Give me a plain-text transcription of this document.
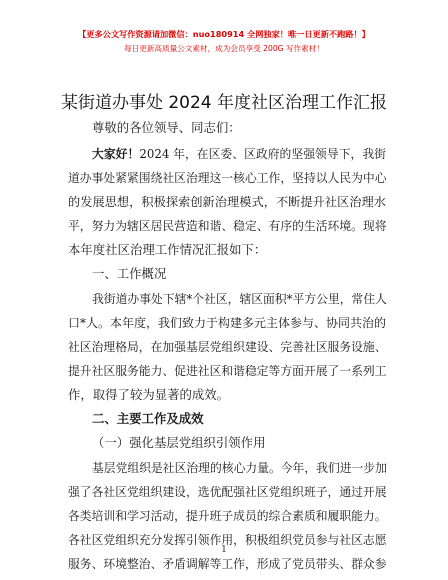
【更多公文写作资源请加微信：nuo180914 全网独家！唯一日更新不跑路！】
每日更新高质量公文素材，成为会员享受 200G 写作素材！
某街道办事处 2024 年度社区治理工作汇报
尊敬的各位领导、同志们：
大家好！2024 年，在区委、区政府的坚强领导下，我街
道办事处紧紧围绕社区治理这一核心工作，坚持以人民为中心
的发展思想，积极探索创新治理模式，不断提升社区治理水
平，努力为辖区居民营造和谐、稳定、有序的生活环境。现将
本年度社区治理工作情况汇报如下：
一、工作概况
我街道办事处下辖*个社区，辖区面积*平方公里，常住人
口*人。本年度，我们致力于构建多元主体参与、协同共治的
社区治理格局，在加强基层党组织建设、完善社区服务设施、
提升社区服务能力、促进社区和谐稳定等方面开展了一系列工
作，取得了较为显著的成效。
二、主要工作及成效
（一）强化基层党组织引领作用
基层党组织是社区治理的核心力量。今年，我们进一步加
强了各社区党组织建设，选优配强社区党组织班子，通过开展
各类培训和学习活动，提升班子成员的综合素质和履职能力。
各社区党组织充分发挥引领作用，积极组织党员参与社区志愿
服务、环境整治、矛盾调解等工作，形成了党员带头、群众参
1
